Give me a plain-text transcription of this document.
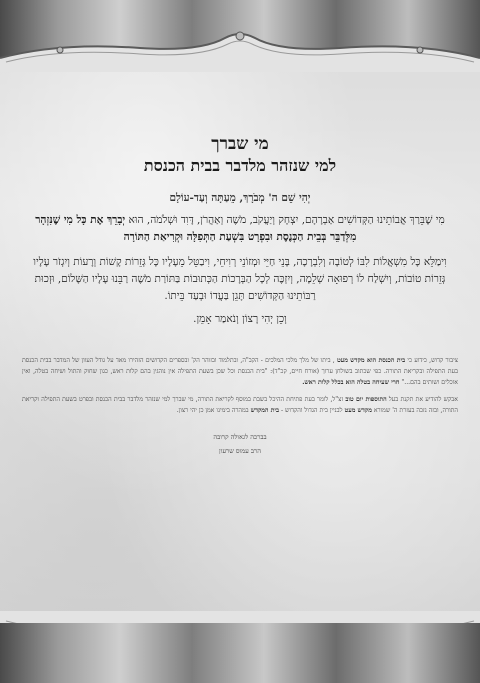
מי שברך
למי שנזהר מלדבר בבית הכנסת
יְהִי שֵׁם ה' מְבֹרָךְ, מֵעַתָּה וְעַד-עוֹלָם

מִי שֶׁבֵּרַךְ אֲבוֹתֵינוּ הַקְּדוֹשִׁים אַבְרָהָם, יִצְחָק וְיַעֲקֹב, מֹשֶׁה וְאַהֲרֹן, דָּוִד וּשְׁלֹמֹה, הוּא יְבָרֵךְ אֶת כָּל מִי שֶׁנִּזְהָר מִלְּדַבֵּר בְּבֵית הַכְּנֶסֶת וּבִפְרָט בִּשְׁעַת הַתְּפִלָּה וּקְרִיאַת הַתּוֹרָה

וִימַלֵּא כָּל מִשְׁאֲלוֹת לִבּוֹ לְטוֹבָה וְלִבְרָכָה, בָּנֵי חַיֵּי וּמְזוֹנֵי רְוִיחֵי, וִיבַטֵּל מֵעָלָיו כָּל גְּזֵרוֹת קָשׁוֹת וְרָעוֹת וְיִגְזֹר עָלָיו גְּזֵרוֹת טוֹבוֹת, וְיִשְׁלַח לוֹ רְפוּאָה שְׁלֵמָה, וְיִזְכֶּה לְכָל הַבְּרָכוֹת הַכְּתוּבוֹת בַּתּוֹרַת מֹשֶׁה רַבֵּנוּ עָלָיו הַשָּׁלוֹם, וּזְכוּת רַבּוֹתֵינוּ הַקְּדוֹשִׁים תָּגֵן בַּעֲדוֹ וּבְעַד בֵּיתוֹ.

וְכֵן יְהִי רָצוֹן וְנֹאמַר אָמֵן.

ציבור קדוש, כידוע כי בית הכנסת הוא מקדש מעט , ביתו של מלך מלכי המלכים - הקב"ה, ובתלמוד ובזוהר הק' ובספרים הקדושים הזהירו מאד על גודל העוון של המדבר בבית הכנסת בעת התפילה ובקריאת התורה. כפי שכתוב בשולחן ערוך (אורח חיים, קכ"ד): "בית הכנסת וכל שכן בשעת התפילה אין נוהגין בהם קלות ראש, כגון שחוק והתול ושיחה בטלה, ואין אוכלים ושותים בהם..." חרי שעיחה בטלה הוא בכלל קלות ראש.

אבקש להודיע את תקנת בעל התוספות יום טוב זצ"ל, לומר בעת פתיחת ההיכל בשבת במוסף לקריאת התורה, מי שברך למי שנזהר מלדבר בבית הכנסת ובפרט בשעת התפילה וקריאת התורה, ובזה נזכה בעזרת ה' שמורא מקדש מעט לבניין בית הגדול והקדוש - בית המקדש במהרה בימינו אמן כן יהי רצון.

בברכה לגאולה קרובה
הרב עמוס שרעון
